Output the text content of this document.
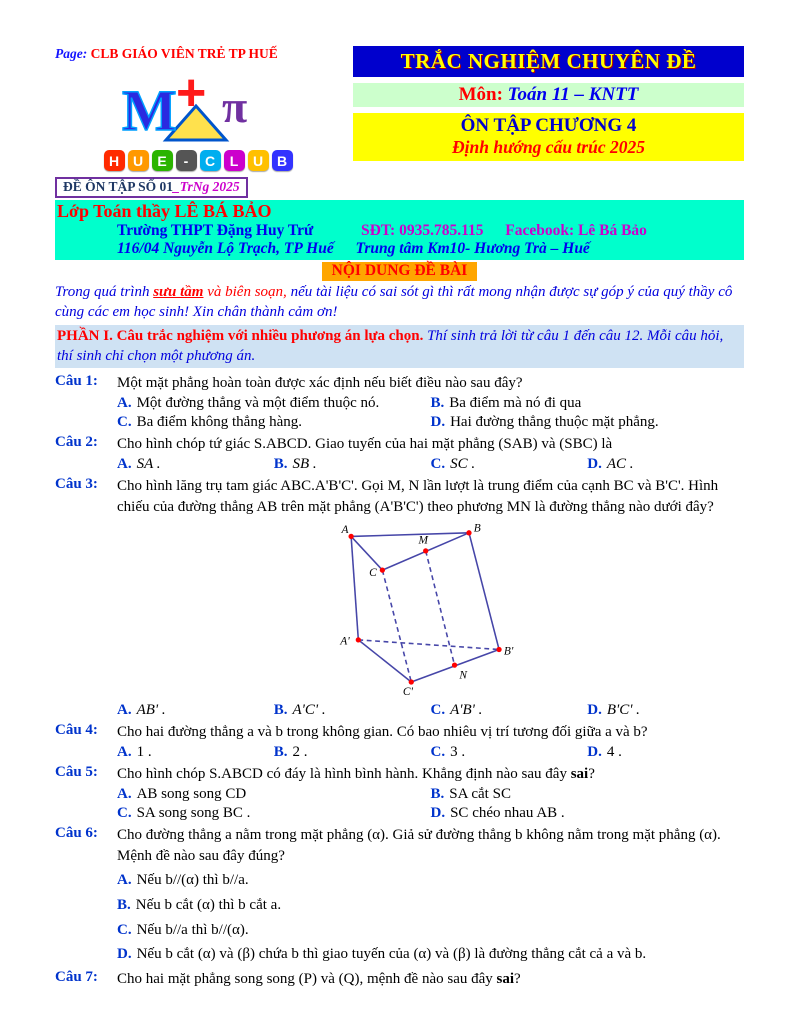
Page: CLB GIÁO VIÊN TRẺ TP HUẾ
M + π
H U	E	-	C	L	U B
ĐỀ ÔN TẬP SỐ 01_TrNg 2025
TRẮC NGHIỆM CHUYÊN ĐỀ
Môn: Toán 11 – KNTT
ÔN TẬP CHƯƠNG 4
Định hướng cấu trúc 2025
Lớp Toán thầy LÊ BÁ BẢO
Trường THPT Đặng Huy Trứ	SĐT: 0935.785.115 Facebook: Lê Bá Bảo
116/04 Nguyễn Lộ Trạch, TP Huế Trung tâm Km10- Hương Trà – Huế
NỘI DUNG ĐỀ BÀI
Trong quá trình sưu tầm và biên soạn, nếu tài liệu có sai sót gì thì rất mong nhận được sự góp ý của quý thầy cô cùng các em học sinh! Xin chân thành cảm ơn!
PHẦN I. Câu trắc nghiệm với nhiều phương án lựa chọn. Thí sinh trả lời từ câu 1 đến câu 12. Mỗi câu hỏi, thí sinh chỉ chọn một phương án.
Câu 1:	Một mặt phẳng hoàn toàn được xác định nếu biết điều nào sau đây?
A. Một đường thẳng và một điểm thuộc nó.	B. Ba điểm mà nó đi qua
C. Ba điểm không thẳng hàng.	D. Hai đường thẳng thuộc mặt phẳng.
Câu 2:	Cho hình chóp tứ giác S.ABCD. Giao tuyến của hai mặt phẳng (SAB) và (SBC) là
A. SA .	B. SB .	C. SC .	D. AC .
Câu 3:	Cho hình lăng trụ tam giác ABC.A'B'C'. Gọi M, N lần lượt là trung điểm của cạnh BC và B'C'. Hình chiếu của đường thẳng AB trên mặt phẳng (A'B'C') theo phương MN là đường thẳng nào dưới đây?
A	B
C
M
A'
B'
C'
N
A. AB' .	B. A'C' .	C. A'B' .	D. B'C' .
Câu 4:	Cho hai đường thẳng a và b trong không gian. Có bao nhiêu vị trí tương đối giữa a và b?
A. 1 .	B. 2 .	C. 3 .	D. 4 .
Câu 5:	Cho hình chóp S.ABCD có đáy là hình bình hành. Khẳng định nào sau đây sai?
A. AB song song CD	B. SA cắt SC
C. SA song song BC .	D. SC chéo nhau AB .
Câu 6:	Cho đường thẳng a nằm trong mặt phẳng (α). Giả sử đường thẳng b không nằm trong mặt phẳng (α). Mệnh đề nào sau đây đúng?
A. Nếu b//(α) thì b//a.
B. Nếu b cắt (α) thì b cắt a.
C. Nếu b//a thì b//(α).
D. Nếu b cắt (α) và (β) chứa b thì giao tuyến của (α) và (β) là đường thẳng cắt cả a và b.
Câu 7:	Cho hai mặt phẳng song song (P) và (Q), mệnh đề nào sau đây sai?
